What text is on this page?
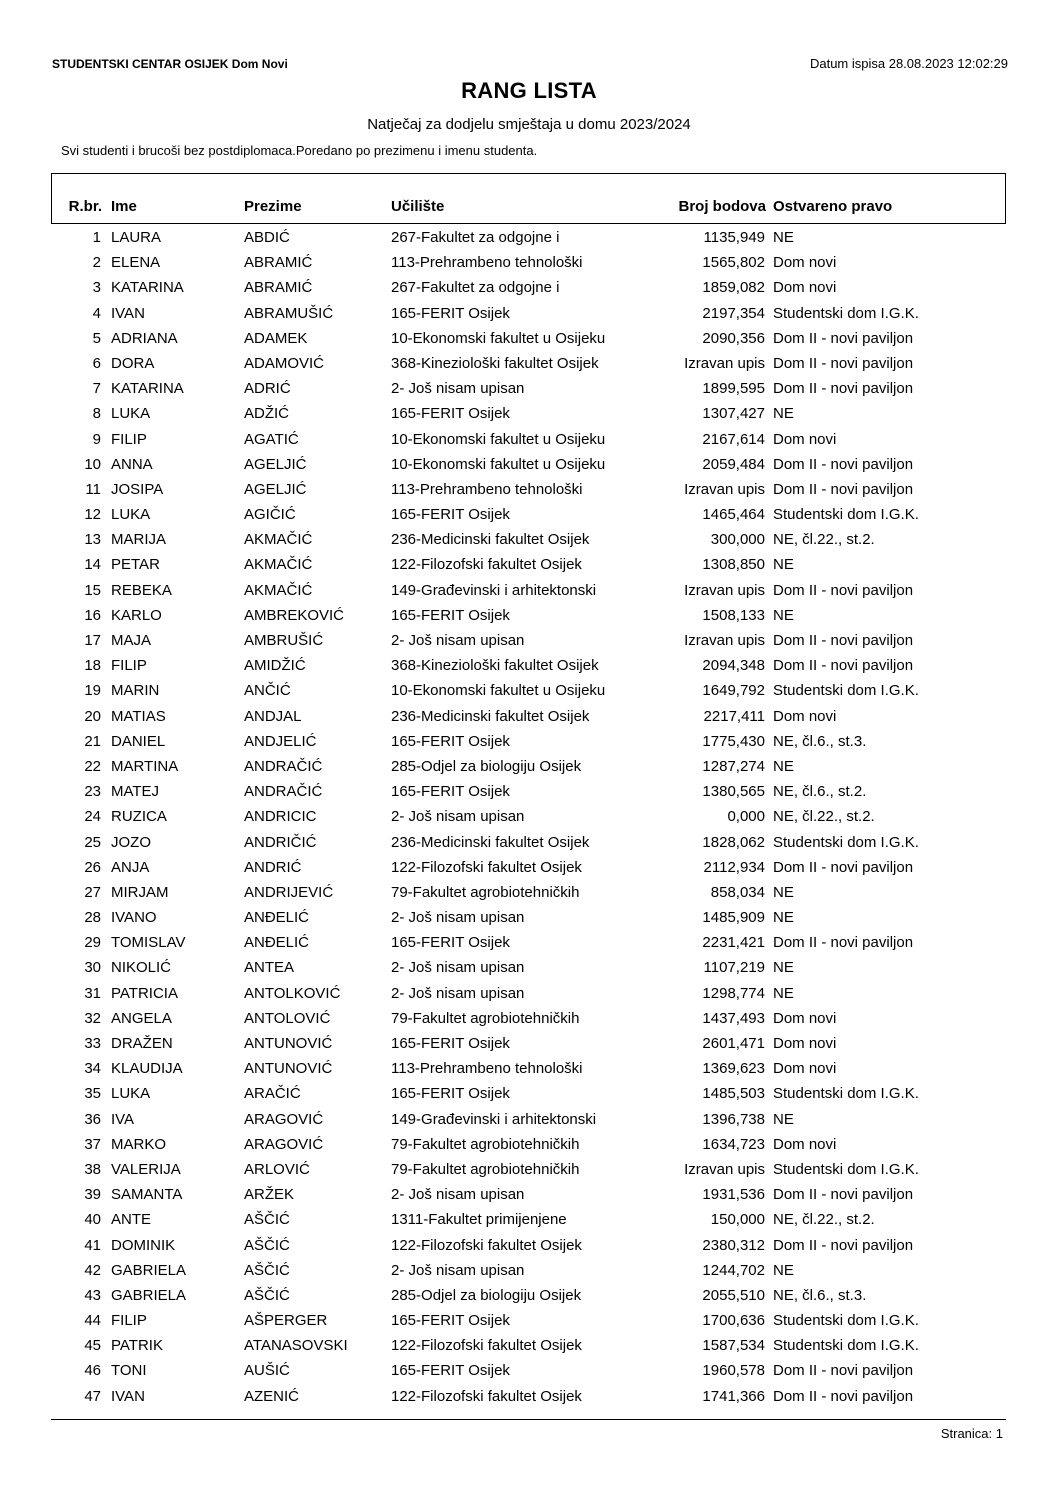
STUDENTSKI CENTAR OSIJEK Dom Novi	Datum ispisa 28.08.2023 12:02:29
RANG LISTA
Natječaj za dodjelu smještaja u domu 2023/2024
Svi studenti i brucoši bez postdiplomaca.Poredano po prezimenu i imenu studenta.
R.br. Ime	Prezime	Učilište	Broj bodova Ostvareno pravo
1 LAURA	ABDIĆ	267-Fakultet za odgojne i	1135,949 NE
2 ELENA	ABRAMIĆ	113-Prehrambeno tehnološki	1565,802 Dom novi
3 KATARINA	ABRAMIĆ	267-Fakultet za odgojne i	1859,082 Dom novi
4 IVAN	ABRAMUŠIĆ	165-FERIT Osijek	2197,354 Studentski dom I.G.K.
5 ADRIANA	ADAMEK	10-Ekonomski fakultet u Osijeku	2090,356 Dom II - novi paviljon
6 DORA	ADAMOVIĆ	368-Kineziološki fakultet Osijek	Izravan upis Dom II - novi paviljon
7 KATARINA	ADRIĆ	2- Još nisam upisan	1899,595 Dom II - novi paviljon
8 LUKA	ADŽIĆ	165-FERIT Osijek	1307,427 NE
9 FILIP	AGATIĆ	10-Ekonomski fakultet u Osijeku	2167,614 Dom novi
10 ANNA	AGELJIĆ	10-Ekonomski fakultet u Osijeku	2059,484 Dom II - novi paviljon
11 JOSIPA	AGELJIĆ	113-Prehrambeno tehnološki	Izravan upis Dom II - novi paviljon
12 LUKA	AGIČIĆ	165-FERIT Osijek	1465,464 Studentski dom I.G.K.
13 MARIJA	AKMAČIĆ	236-Medicinski fakultet Osijek	300,000 NE, čl.22., st.2.
14 PETAR	AKMAČIĆ	122-Filozofski fakultet Osijek	1308,850 NE
15 REBEKA	AKMAČIĆ	149-Građevinski i arhitektonski	Izravan upis Dom II - novi paviljon
16 KARLO	AMBREKOVIĆ	165-FERIT Osijek	1508,133 NE
17 MAJA	AMBRUŠIĆ	2- Još nisam upisan	Izravan upis Dom II - novi paviljon
18 FILIP	AMIDŽIĆ	368-Kineziološki fakultet Osijek	2094,348 Dom II - novi paviljon
19 MARIN	ANČIĆ	10-Ekonomski fakultet u Osijeku	1649,792 Studentski dom I.G.K.
20 MATIAS	ANDJAL	236-Medicinski fakultet Osijek	2217,411 Dom novi
21 DANIEL	ANDJELIĆ	165-FERIT Osijek	1775,430 NE, čl.6., st.3.
22 MARTINA	ANDRAČIĆ	285-Odjel za biologiju Osijek	1287,274 NE
23 MATEJ	ANDRAČIĆ	165-FERIT Osijek	1380,565 NE, čl.6., st.2.
24 RUZICA	ANDRICIC	2- Još nisam upisan	0,000 NE, čl.22., st.2.
25 JOZO	ANDRIČIĆ	236-Medicinski fakultet Osijek	1828,062 Studentski dom I.G.K.
26 ANJA	ANDRIĆ	122-Filozofski fakultet Osijek	2112,934 Dom II - novi paviljon
27 MIRJAM	ANDRIJEVIĆ	79-Fakultet agrobiotehničkih	858,034 NE
28 IVANO	ANĐELIĆ	2- Još nisam upisan	1485,909 NE
29 TOMISLAV	ANĐELIĆ	165-FERIT Osijek	2231,421 Dom II - novi paviljon
30 NIKOLIĆ	ANTEA	2- Još nisam upisan	1107,219 NE
31 PATRICIA	ANTOLKOVIĆ	2- Još nisam upisan	1298,774 NE
32 ANGELA	ANTOLOVIĆ	79-Fakultet agrobiotehničkih	1437,493 Dom novi
33 DRAŽEN	ANTUNOVIĆ	165-FERIT Osijek	2601,471 Dom novi
34 KLAUDIJA	ANTUNOVIĆ	113-Prehrambeno tehnološki	1369,623 Dom novi
35 LUKA	ARAČIĆ	165-FERIT Osijek	1485,503 Studentski dom I.G.K.
36 IVA	ARAGOVIĆ	149-Građevinski i arhitektonski	1396,738 NE
37 MARKO	ARAGOVIĆ	79-Fakultet agrobiotehničkih	1634,723 Dom novi
38 VALERIJA	ARLOVIĆ	79-Fakultet agrobiotehničkih	Izravan upis Studentski dom I.G.K.
39 SAMANTA	ARŽEK	2- Još nisam upisan	1931,536 Dom II - novi paviljon
40 ANTE	AŠČIĆ	1311-Fakultet primijenjene	150,000 NE, čl.22., st.2.
41 DOMINIK	AŠČIĆ	122-Filozofski fakultet Osijek	2380,312 Dom II - novi paviljon
42 GABRIELA	AŠČIĆ	2- Još nisam upisan	1244,702 NE
43 GABRIELA	AŠČIĆ	285-Odjel za biologiju Osijek	2055,510 NE, čl.6., st.3.
44 FILIP	AŠPERGER	165-FERIT Osijek	1700,636 Studentski dom I.G.K.
45 PATRIK	ATANASOVSKI	122-Filozofski fakultet Osijek	1587,534 Studentski dom I.G.K.
46 TONI	AUŠIĆ	165-FERIT Osijek	1960,578 Dom II - novi paviljon
47 IVAN	AZENIĆ	122-Filozofski fakultet Osijek	1741,366 Dom II - novi paviljon
Stranica: 1
